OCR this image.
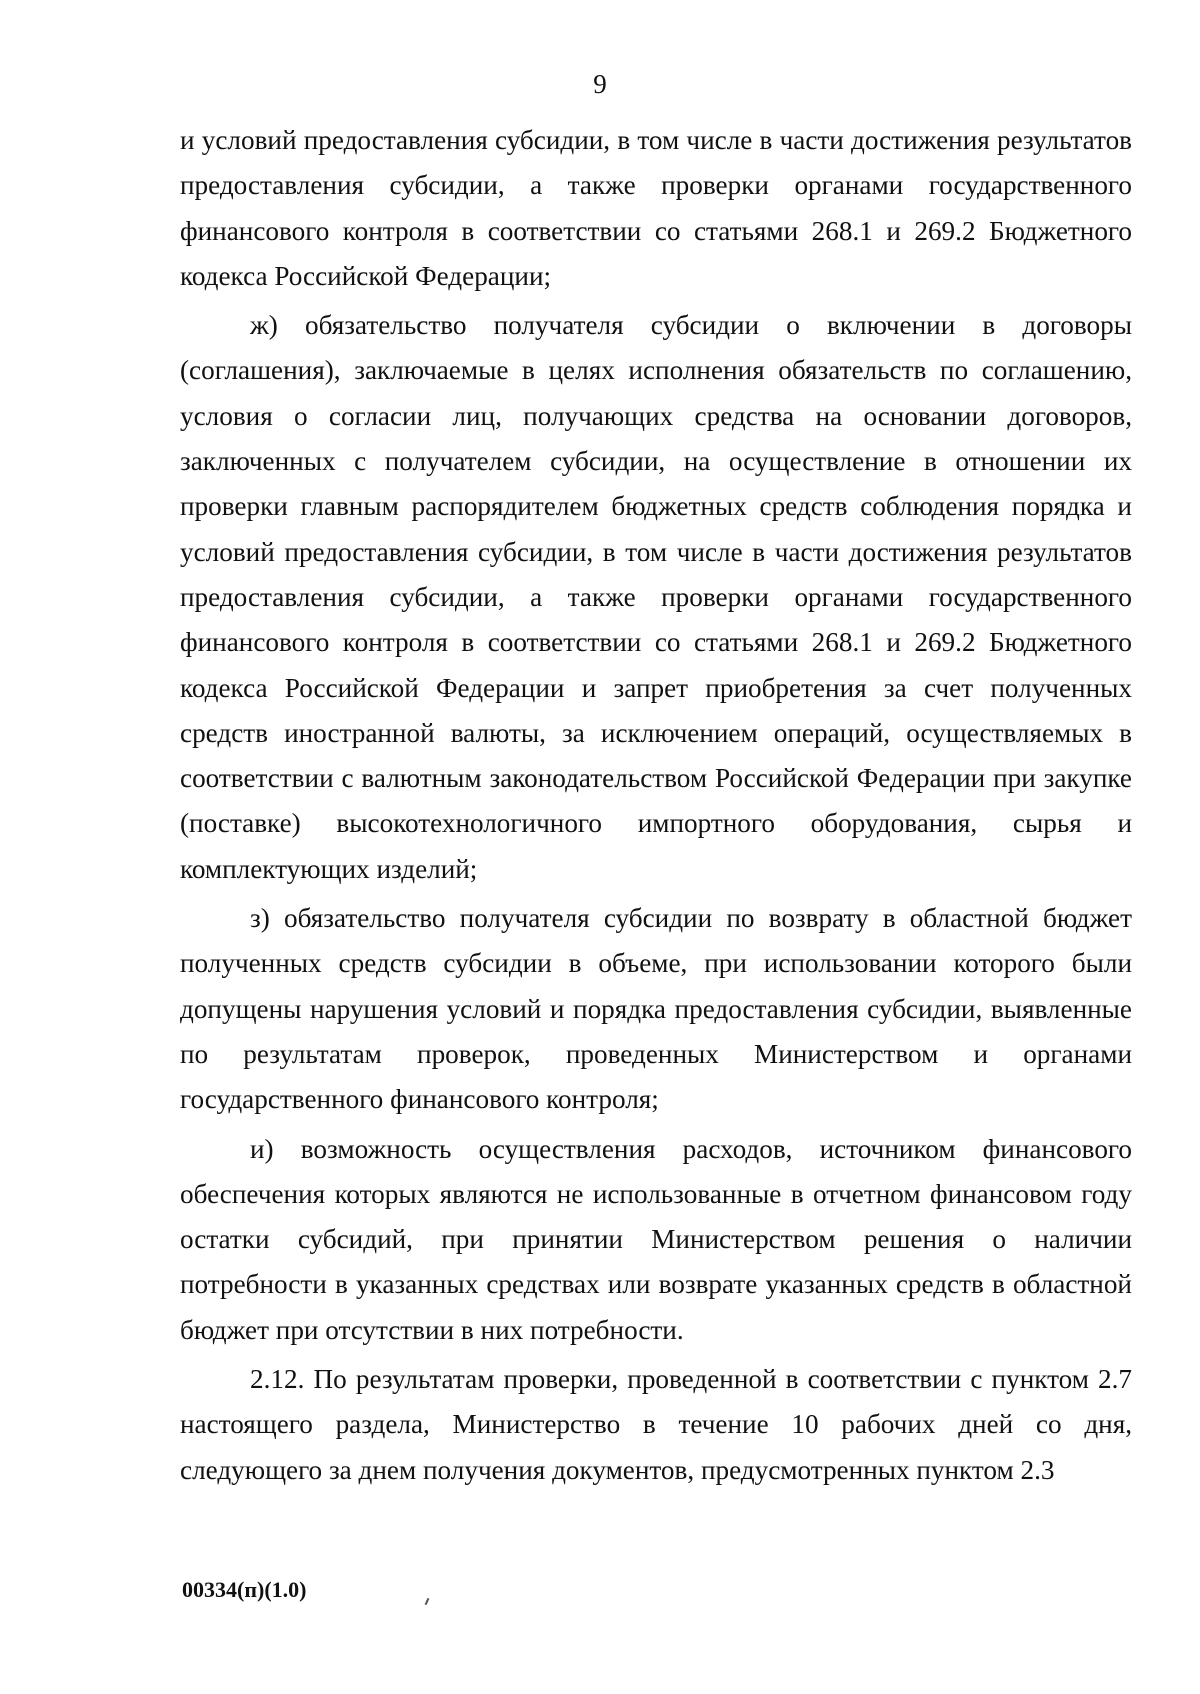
9

и условий предоставления субсидии, в том числе в части достижения результатов предоставления субсидии, а также проверки органами государственного финансового контроля в соответствии со статьями 268.1 и 269.2 Бюджетного кодекса Российской Федерации;

ж) обязательство получателя субсидии о включении в договоры (соглашения), заключаемые в целях исполнения обязательств по соглашению, условия о согласии лиц, получающих средства на основании договоров, заключенных с получателем субсидии, на осуществление в отношении их проверки главным распорядителем бюджетных средств соблюдения порядка и условий предоставления субсидии, в том числе в части достижения результатов предоставления субсидии, а также проверки органами государственного финансового контроля в соответствии со статьями 268.1 и 269.2 Бюджетного кодекса Российской Федерации и запрет приобретения за счет полученных средств иностранной валюты, за исключением операций, осуществляемых в соответствии с валютным законодательством Российской Федерации при закупке (поставке) высокотехнологичного импортного оборудования, сырья и комплектующих изделий;

з) обязательство получателя субсидии по возврату в областной бюджет полученных средств субсидии в объеме, при использовании которого были допущены нарушения условий и порядка предоставления субсидии, выявленные по результатам проверок, проведенных Министерством и органами государственного финансового контроля;

и) возможность осуществления расходов, источником финансового обеспечения которых являются не использованные в отчетном финансовом году остатки субсидий, при принятии Министерством решения о наличии потребности в указанных средствах или возврате указанных средств в областной бюджет при отсутствии в них потребности.

2.12. По результатам проверки, проведенной в соответствии с пунктом 2.7 настоящего раздела, Министерство в течение 10 рабочих дней со дня, следующего за днем получения документов, предусмотренных пунктом 2.3

00334(п)(1.0)
